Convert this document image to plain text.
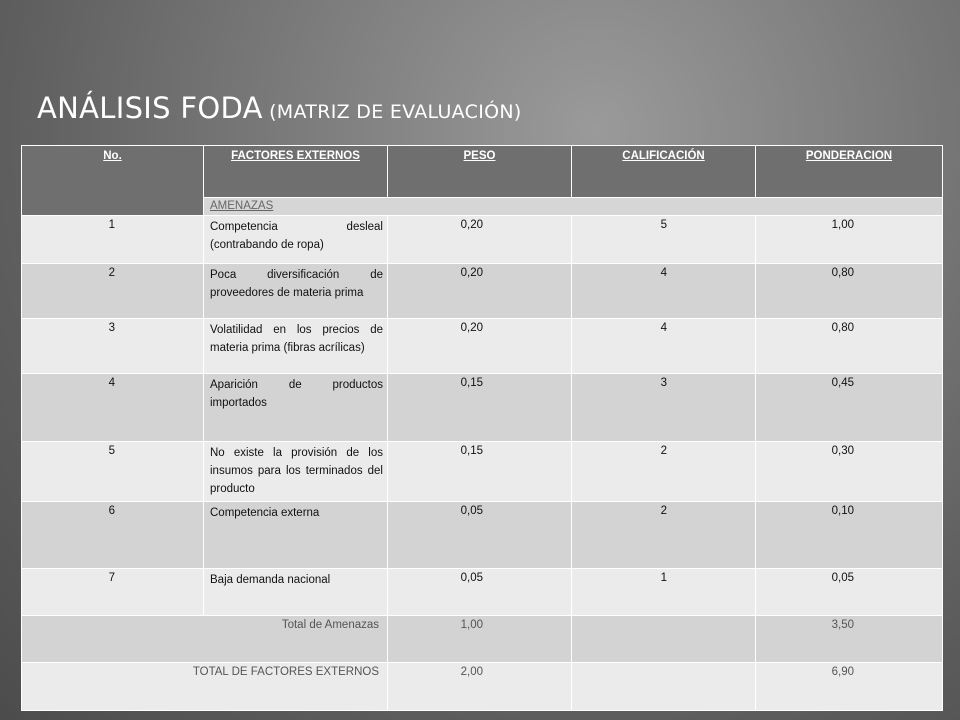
ANÁLISIS FODA (MATRIZ DE EVALUACIÓN)
No.	FACTORES EXTERNOS	PESO	CALIFICACIÓN	PONDERACION
	AMENAZAS			
1	Competencia desleal (contrabando de ropa)	0,20	5	1,00
2	Poca diversificación de proveedores de materia prima	0,20	4	0,80
3	Volatilidad en los precios de materia prima (fibras acrílicas)	0,20	4	0,80
4	Aparición de productos importados	0,15	3	0,45
5	No existe la provisión de los insumos para los terminados del producto	0,15	2	0,30
6	Competencia externa	0,05	2	0,10
7	Baja demanda nacional	0,05	1	0,05
Total de Amenazas		1,00		3,50
TOTAL DE FACTORES EXTERNOS		2,00		6,90
